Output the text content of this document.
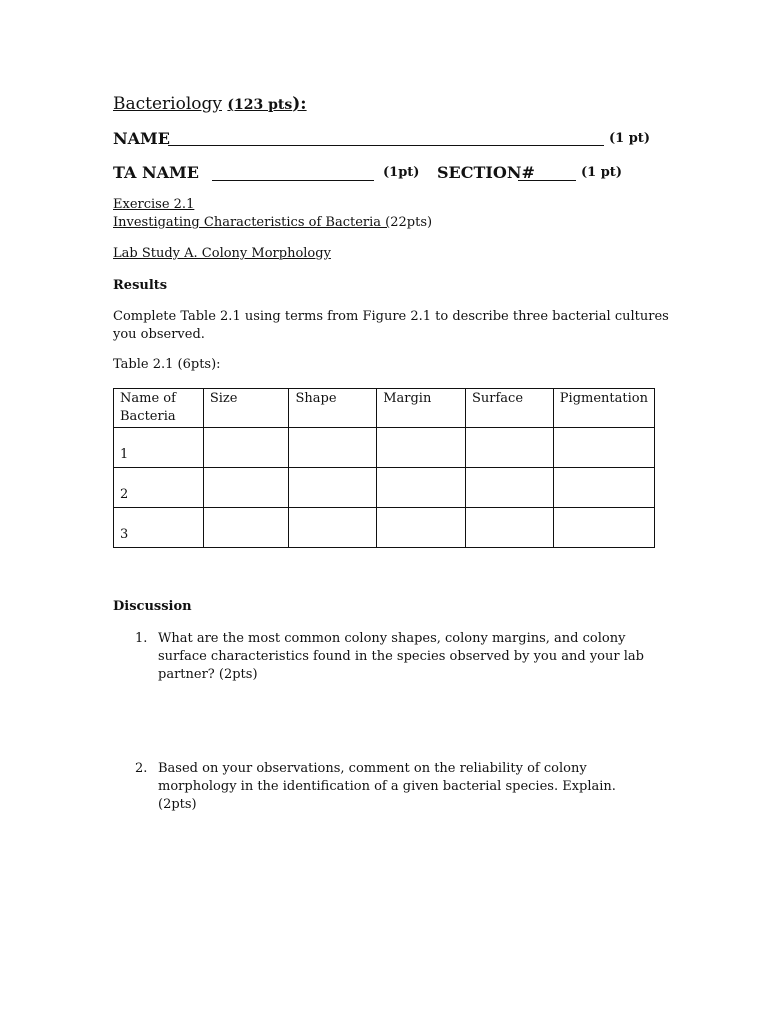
Bacteriology (123 pts):
NAME	(1 pt)
TA NAME	(1pt) SECTION#	(1 pt)
Exercise 2.1
Investigating Characteristics of Bacteria (22pts)
Lab Study A. Colony Morphology
Results
Complete Table 2.1 using terms from Figure 2.1 to describe three bacterial cultures
you observed.
Table 2.1 (6pts):
Name of Bacteria	Size	Shape	Margin	Surface	Pigmentation
1					
2					
3					
Discussion
1. What are the most common colony shapes, colony margins, and colony surface characteristics found in the species observed by you and your lab partner? (2pts)
2. Based on your observations, comment on the reliability of colony morphology in the identification of a given bacterial species. Explain. (2pts)
